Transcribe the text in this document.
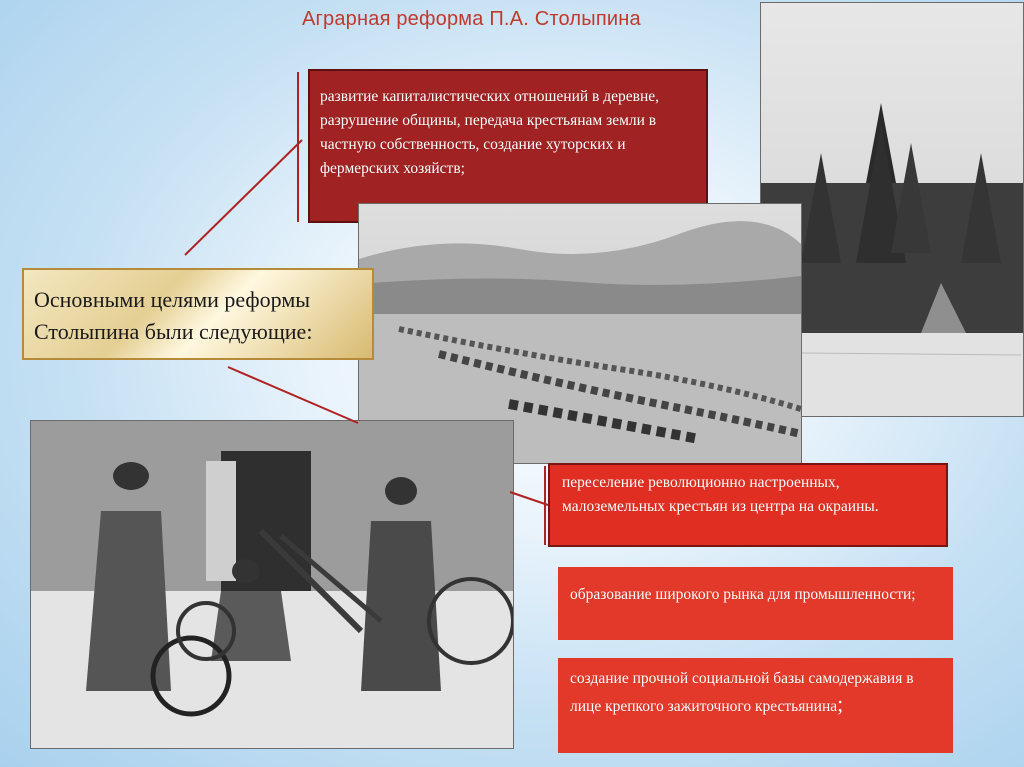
Аграрная реформа П.А. Столыпина
развитие капиталистических отношений в деревне, разрушение общины, передача крестьянам земли в частную собственность, создание хуторских и фермерских хозяйств;
Основными целями реформы
Столыпина были следующие:
переселение революционно настроенных, малоземельных крестьян из центра на окраины.
образование широкого рынка для промышленности;
создание прочной социальной базы самодержавия в лице крепкого зажиточного крестьянина;
